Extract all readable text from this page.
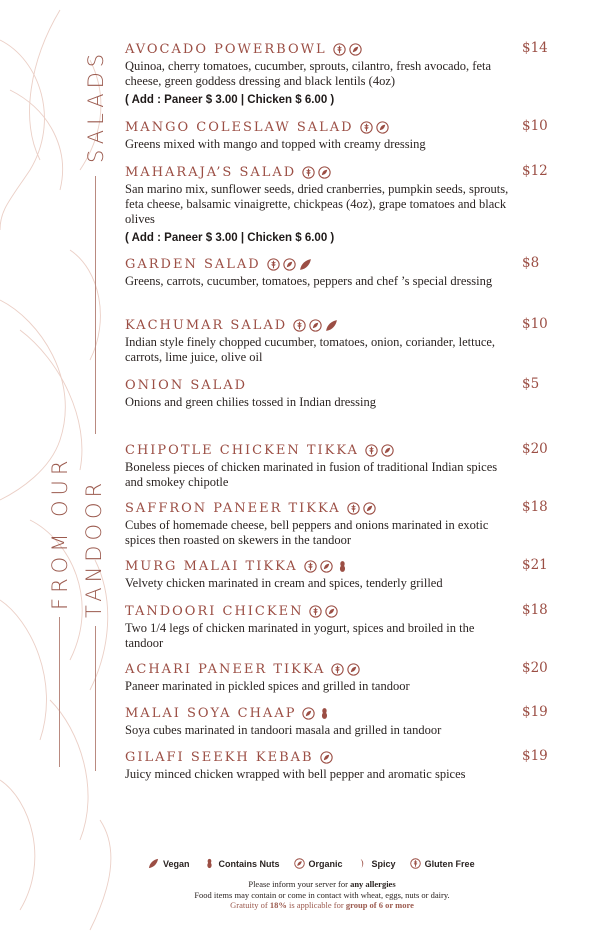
SALADS
FROM OUR TANDOOR
AVOCADO POWERBOWL	$14
Quinoa, cherry tomatoes, cucumber, sprouts, cilantro, fresh avocado, feta cheese, green goddess dressing and black lentils (4oz)
( Add : Paneer $ 3.00 | Chicken $ 6.00 )
MANGO COLESLAW SALAD	$10
Greens mixed with mango and topped with creamy dressing
MAHARAJA’S SALAD	$12
San marino mix, sunflower seeds, dried cranberries, pumpkin seeds, sprouts, feta cheese, balsamic vinaigrette, chickpeas (4oz), grape tomatoes and black olives
( Add : Paneer $ 3.00 | Chicken $ 6.00 )
GARDEN SALAD	$8
Greens, carrots, cucumber, tomatoes, peppers and chef ’s special dressing
KACHUMAR SALAD	$10
Indian style finely chopped cucumber, tomatoes, onion, coriander, lettuce, carrots, lime juice, olive oil
ONION SALAD	$5
Onions and green chilies tossed in Indian dressing
CHIPOTLE CHICKEN TIKKA	$20
Boneless pieces of chicken marinated in fusion of traditional Indian spices and smokey chipotle
SAFFRON PANEER TIKKA	$18
Cubes of homemade cheese, bell peppers and onions marinated in exotic spices then roasted on skewers in the tandoor
MURG MALAI TIKKA	$21
Velvety chicken marinated in cream and spices, tenderly grilled
TANDOORI CHICKEN	$18
Two 1/4 legs of chicken marinated in yogurt, spices and broiled in the tandoor
ACHARI PANEER TIKKA	$20
Paneer marinated in pickled spices and grilled in tandoor
MALAI SOYA CHAAP	$19
Soya cubes marinated in tandoori masala and grilled in tandoor
GILAFI SEEKH KEBAB	$19
Juicy minced chicken wrapped with bell pepper and aromatic spices
Vegan	Contains Nuts	Organic	Spicy	Gluten Free
Please inform your server for any allergies
Food items may contain or come in contact with wheat, eggs, nuts or dairy.
Gratuity of 18% is applicable for group of 6 or more
